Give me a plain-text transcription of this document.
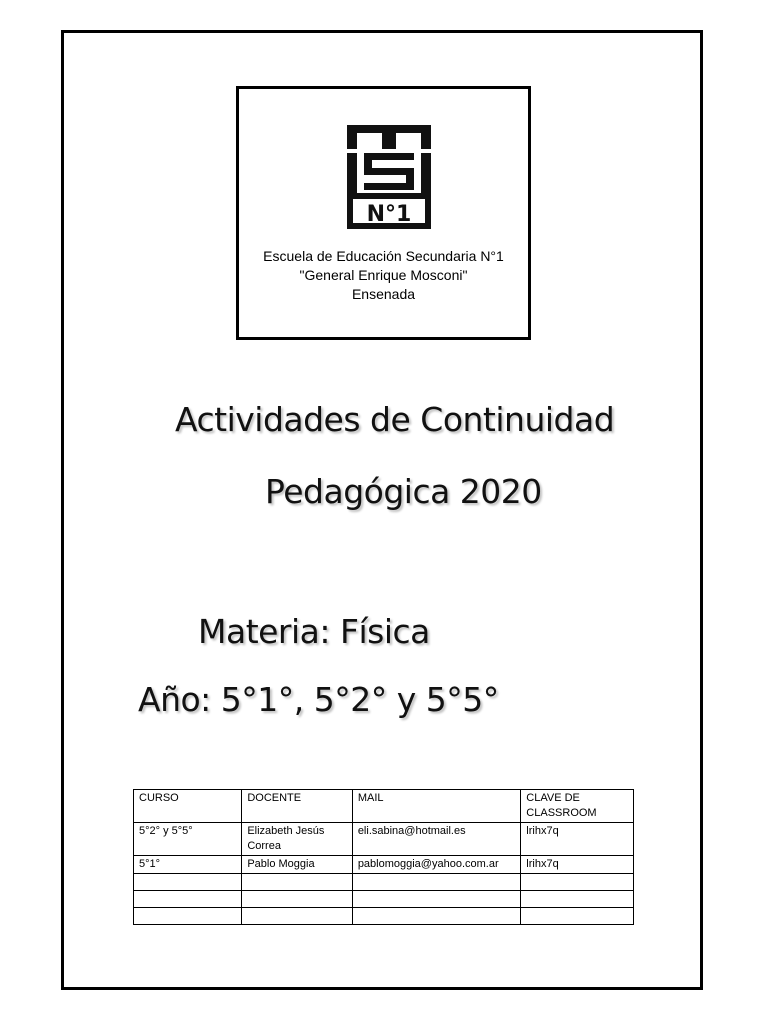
N°1
Escuela de Educación Secundaria N°1
"General Enrique Mosconi"
Ensenada
Actividades de Continuidad
Pedagógica 2020
Materia: Física
Año: 5°1°, 5°2° y 5°5°
CURSO	DOCENTE	MAIL	CLAVE DE CLASSROOM
5°2° y 5°5°	Elizabeth Jesús Correa	eli.sabina@hotmail.es	lrihx7q
5°1°	Pablo Moggia	pablomoggia@yahoo.com.ar	lrihx7q
